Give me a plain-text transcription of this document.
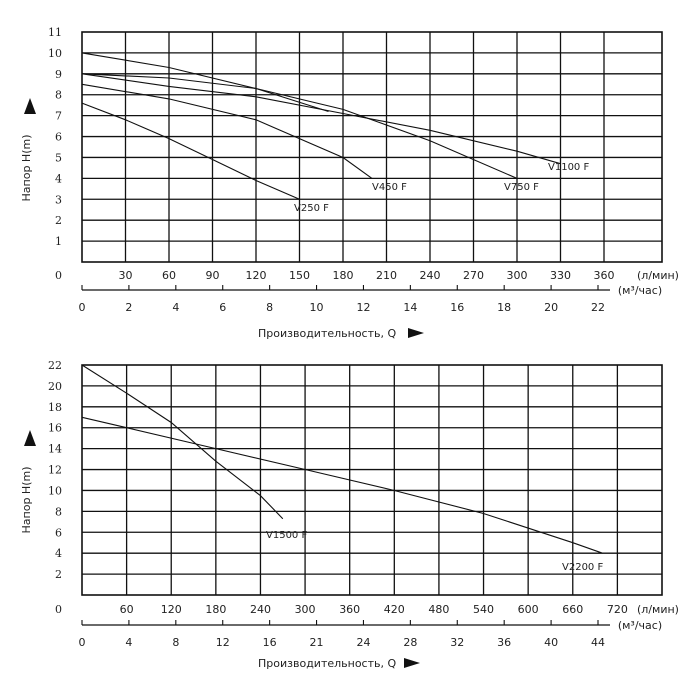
1
2
3
4
5
6
7
8
9
10
11
0	30	60	90 120 150 180 210 240 270 300 330 360 (л/мин)
0	2	4	6	8	10	12	14	16	18	20	22
(м³/час)
Напор H(m)
Производительность, Q
V250 F
V450 F	V750 F
V1100 F
2
4
6
8
10
12
14
16
18
20
22
0	60 120 180 240 300 360 420 480 540 600 660 720 (л/мин)
0	4	8	12	16	21	24	28	32	36	40	44
(м³/час)
Напор H(m)
Производительность, Q
V1500 F
V2200 F
